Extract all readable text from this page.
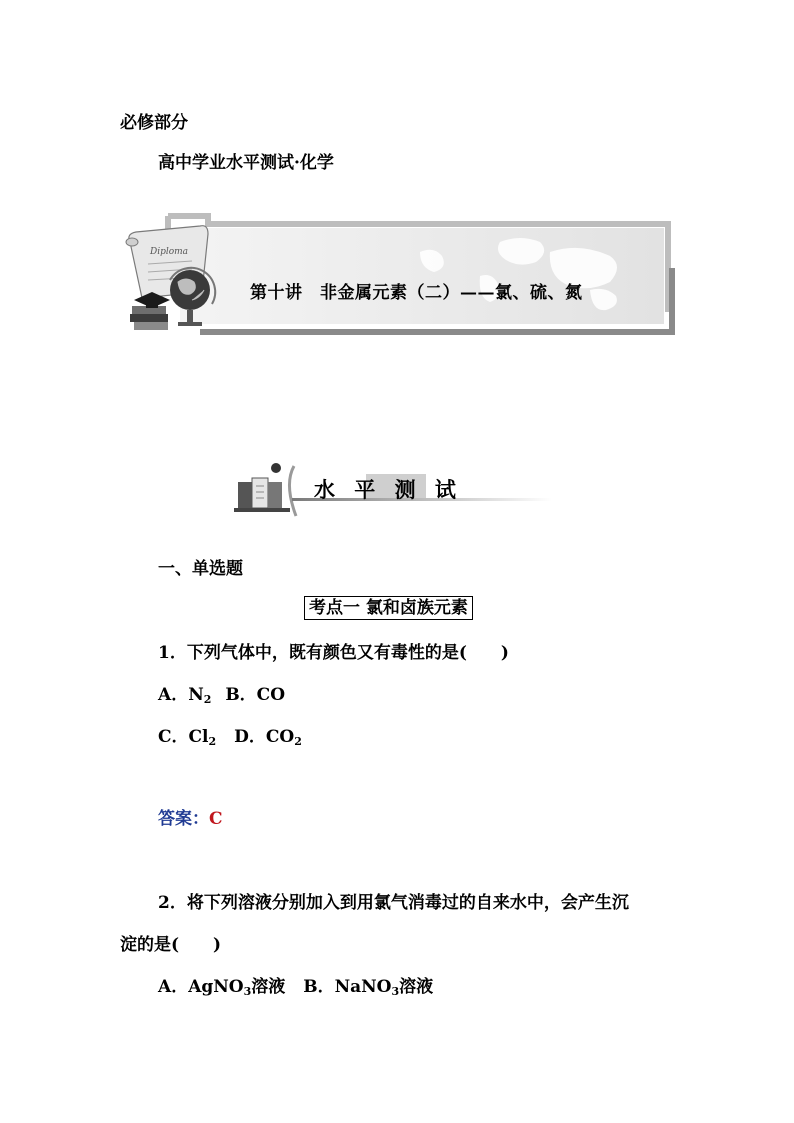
必修部分
高中学业水平测试·化学
Diploma
第十讲　非金属元素（二）——氯、硫、氮
水 平 测 试
一、单选题
考点一 氯和卤族元素
1．下列气体中，既有颜色又有毒性的是(　　)
A．$N_2$ B．CO
C．$Cl_2$ D．$CO_2$
答案：C
2．将下列溶液分别加入到用氯气消毒过的自来水中，会产生沉
淀的是(　　)
A．AgNO$_3$溶液 B．NaNO$_3$溶液
